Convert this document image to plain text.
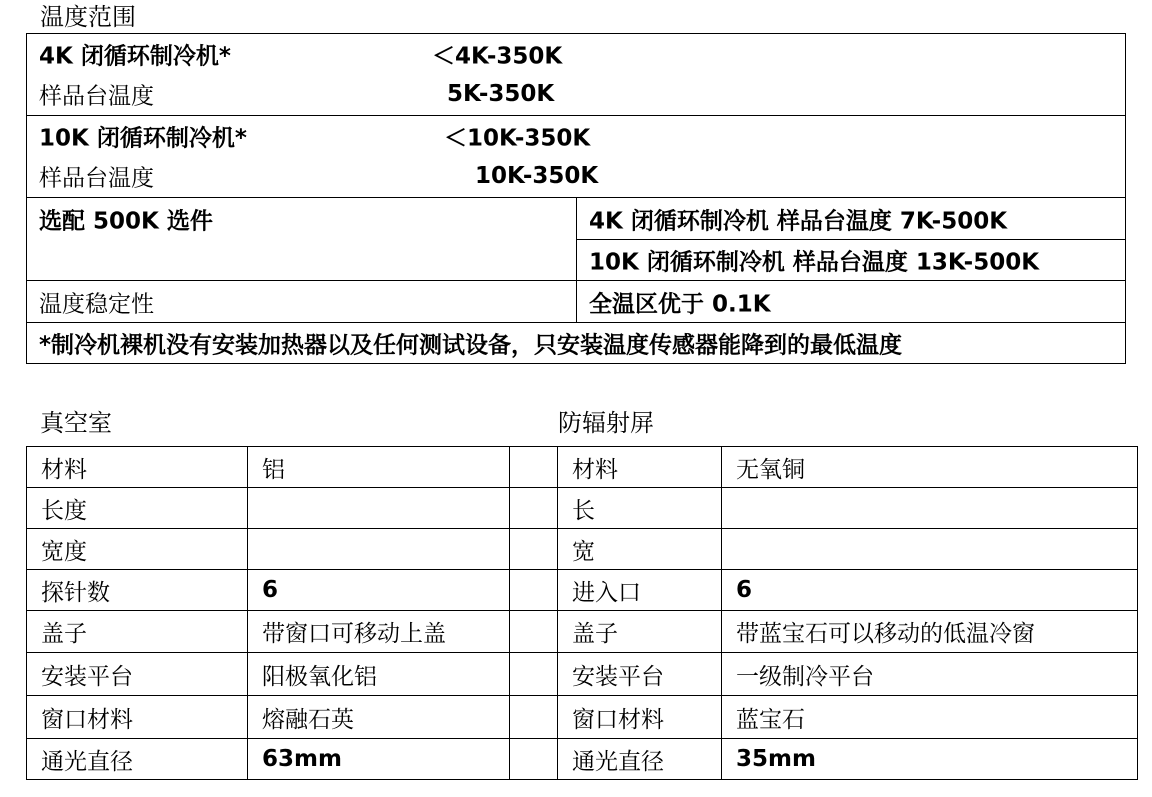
温度范围
4K 闭循环制冷机*	＜4K-350K
样品台温度	5K-350K
10K 闭循环制冷机*	＜10K-350K
样品台温度	10K-350K
选配 500K 选件	4K 闭循环制冷机 样品台温度 7K-500K
10K 闭循环制冷机 样品台温度 13K-500K
温度稳定性	全温区优于 0.1K
*制冷机裸机没有安装加热器以及任何测试设备，只安装温度传感器能降到的最低温度
真空室	防辐射屏
材料	铝		材料	无氧铜
长度			长	
宽度			宽	
探针数	6		进入口	6
盖子	带窗口可移动上盖		盖子	带蓝宝石可以移动的低温冷窗
安装平台	阳极氧化铝		安装平台	一级制冷平台
窗口材料	熔融石英		窗口材料	蓝宝石
通光直径	63mm		通光直径	35mm
